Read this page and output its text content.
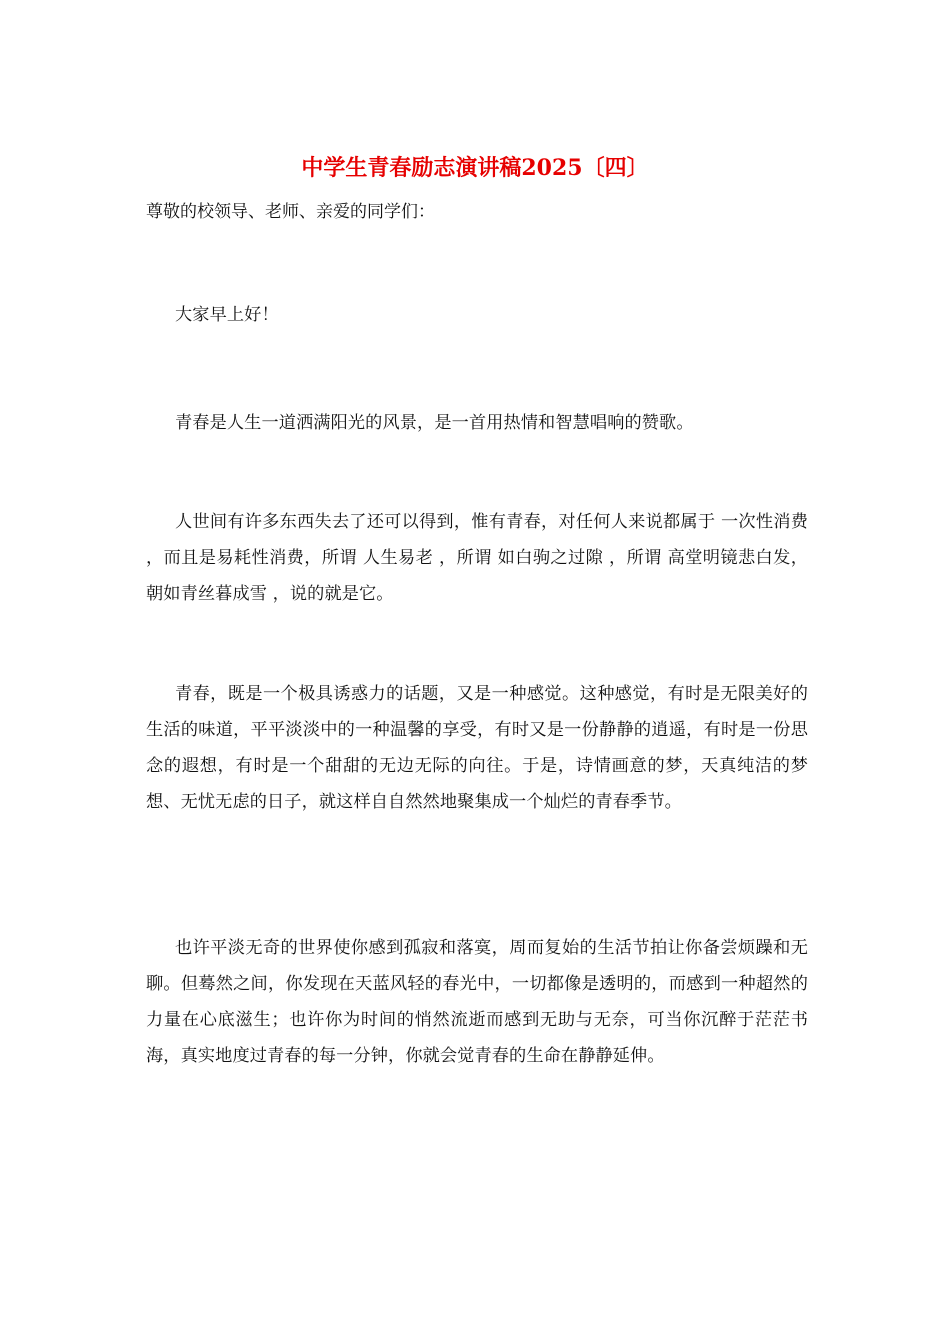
中学生青春励志演讲稿2025〔四〕

尊敬的校领导、老师、亲爱的同学们：

大家早上好！

青春是人生一道洒满阳光的风景，是一首用热情和智慧唱响的赞歌。

人世间有许多东西失去了还可以得到，惟有青春，对任何人来说都属于 一次性消费 ，而且是易耗性消费，所谓 人生易老 ，所谓 如白驹之过隙 ，所谓 高堂明镜悲白发，朝如青丝暮成雪 ，说的就是它。

青春，既是一个极具诱惑力的话题，又是一种感觉。这种感觉，有时是无限美好的生活的味道，平平淡淡中的一种温馨的享受，有时又是一份静静的逍遥，有时是一份思念的遐想，有时是一个甜甜的无边无际的向往。于是，诗情画意的梦，天真纯洁的梦想、无忧无虑的日子，就这样自自然然地聚集成一个灿烂的青春季节。

也许平淡无奇的世界使你感到孤寂和落寞，周而复始的生活节拍让你备尝烦躁和无聊。但蓦然之间，你发现在天蓝风轻的春光中，一切都像是透明的，而感到一种超然的力量在心底滋生；也许你为时间的悄然流逝而感到无助与无奈，可当你沉醉于茫茫书海，真实地度过青春的每一分钟，你就会觉青春的生命在静静延伸。
